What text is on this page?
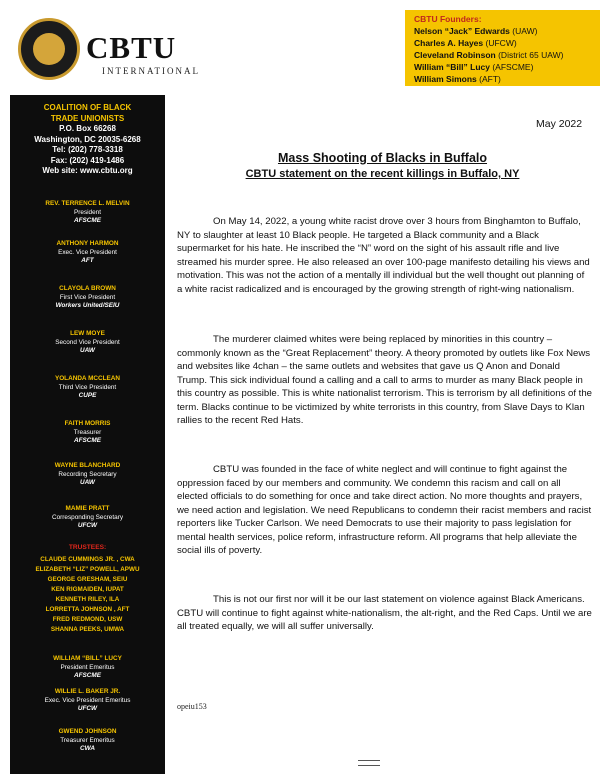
CBTU
INTERNATIONAL
CBTU Founders:
Nelson “Jack” Edwards (UAW)
Charles A. Hayes (UFCW)
Cleveland Robinson (District 65 UAW)
William “Bill” Lucy (AFSCME)
William Simons (AFT)
COALITION OF BLACK
TRADE UNIONISTS
P.O. Box 66268
Washington, DC 20035-6268
Tel: (202) 778-3318
Fax: (202) 419-1486
Web site: www.cbtu.org
REV. TERRENCE L. MELVIN
President
AFSCME
ANTHONY HARMON
Exec. Vice President
AFT
CLAYOLA BROWN
First Vice President
Workers United/SEIU
LEW MOYE
Second Vice President
UAW
YOLANDA MCCLEAN
Third Vice President
CUPE
FAITH MORRIS
Treasurer
AFSCME
WAYNE BLANCHARD
Recording Secretary
UAW
MAMIE PRATT
Corresponding Secretary
UFCW
TRUSTEES:
CLAUDE CUMMINGS JR. , CWA
ELIZABETH “LIZ” POWELL, APWU
GEORGE GRESHAM, SEIU
KEN RIGMAIDEN, IUPAT
KENNETH RILEY, ILA
LORRETTA JOHNSON , AFT
FRED REDMOND, USW
SHANNA PEEKS, UMWA
WILLIAM “BILL” LUCY
President Emeritus
AFSCME
WILLIE L. BAKER JR.
Exec. Vice President Emeritus
UFCW
GWEND JOHNSON
Treasurer Emeritus
CWA
May 2022
Mass Shooting of Blacks in Buffalo
CBTU statement on the recent killings in Buffalo, NY
On May 14, 2022, a young white racist drove over 3 hours from Binghamton to Buffalo, NY to slaughter at least 10 Black people. He targeted a Black community and a Black supermarket for his hate. He inscribed the “N” word on the sight of his assault rifle and live streamed his murder spree. He also released an over 100-page manifesto detailing his views and motivation. This was not the action of a mentally ill individual but the well thought out planning of a white racist radicalized and is encouraged by the growing strength of right-wing nationalism.
The murderer claimed whites were being replaced by minorities in this country – commonly known as the “Great Replacement” theory. A theory promoted by outlets like Fox News and websites like 4chan – the same outlets and websites that gave us Q Anon and Donald Trump. This sick individual found a calling and a call to arms to murder as many Black people in this country as possible. This is white nationalist terrorism. This is terrorism by all definitions of the term. Blacks continue to be victimized by white terrorists in this country, from Slave Days to Klan rallies to the recent Red Hats.
CBTU was founded in the face of white neglect and will continue to fight against the oppression faced by our members and community. We condemn this racism and call on all elected officials to do something for once and take direct action. No more thoughts and prayers, we need action and legislation. We need Republicans to condemn their racist members and racist reporters like Tucker Carlson. We need Democrats to use their majority to pass legislation for mental health services, police reform, infrastructure reform. All programs that help alleviate the social ills of poverty.
This is not our first nor will it be our last statement on violence against Black Americans. CBTU will continue to fight against white-nationalism, the alt-right, and the Red Caps. Until we are all treated equally, we will all suffer universally.
opeiu153
